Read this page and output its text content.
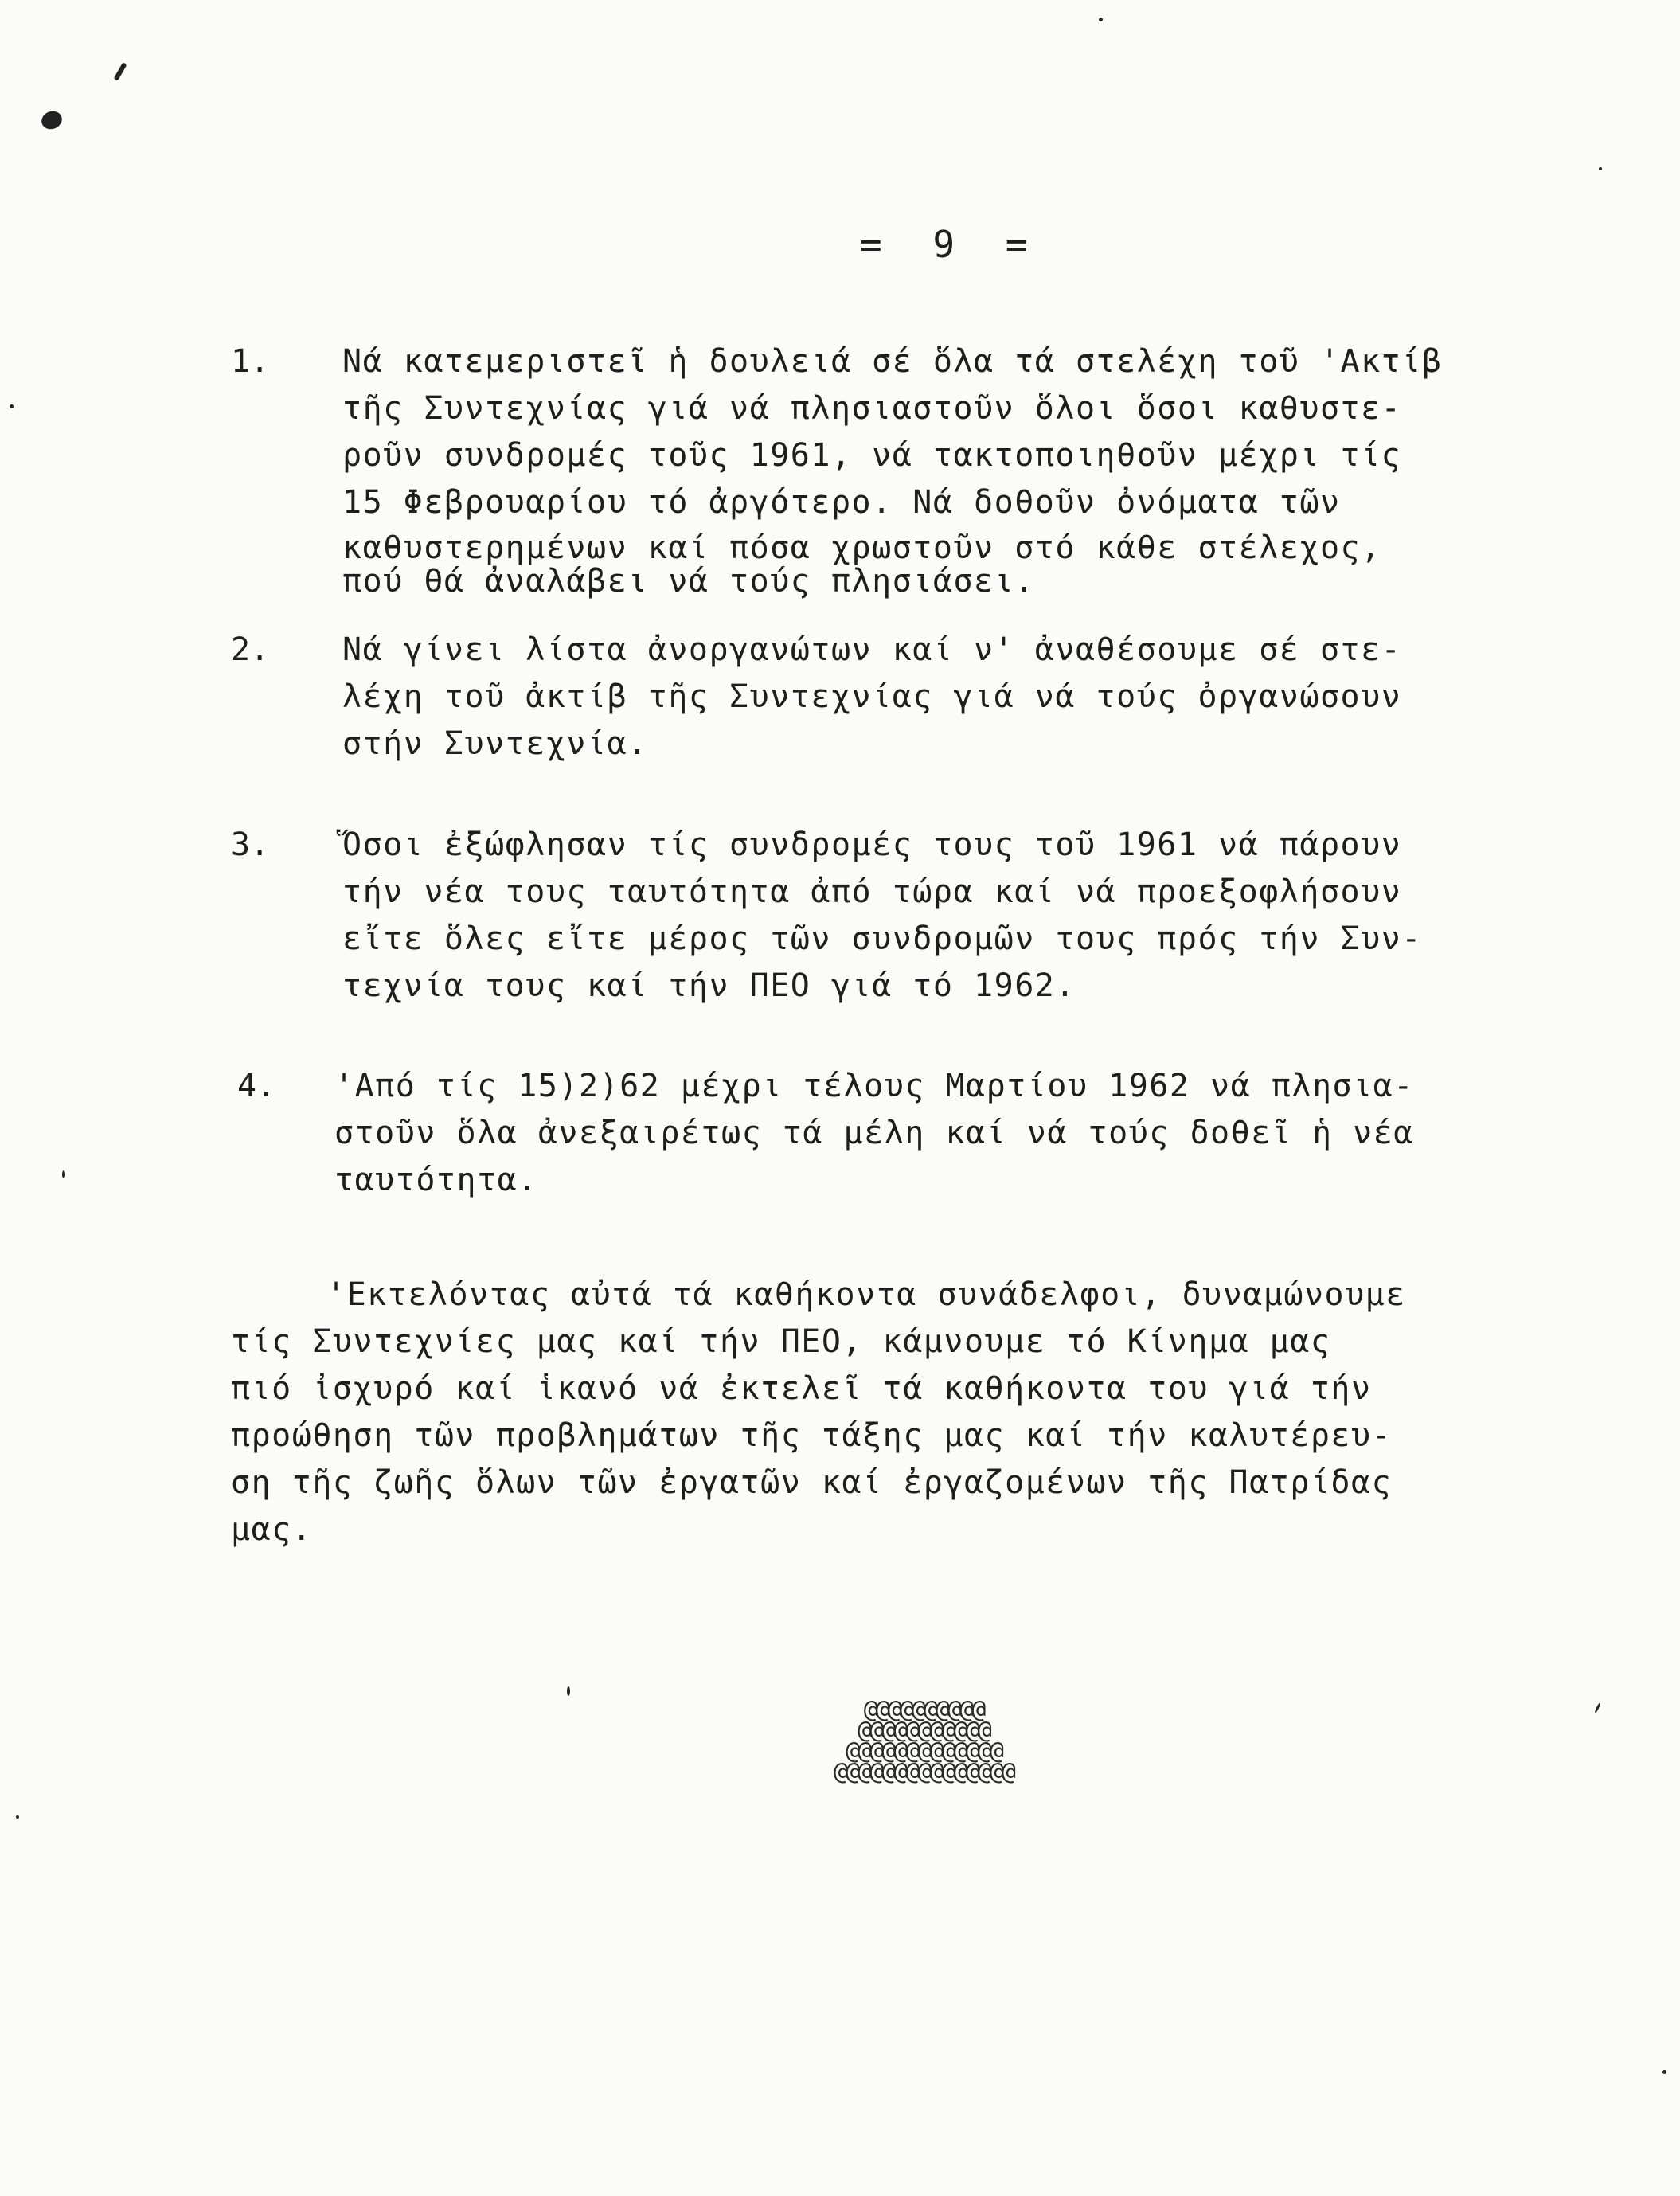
= 9 =
1. Νά κατεμεριστεῖ ἡ δουλειά σέ ὅλα τά στελέχη τοῦ 'Ακτίβ
τῆς Συντεχνίας γιά νά πλησιαστοῦν ὅλοι ὅσοι καθυστε-
ροῦν συνδρομές τοῦς 1961, νά τακτοποιηθοῦν μέχρι τίς
15 Φεβρουαρίου τό ἀργότερο. Νά δοθοῦν ὀνόματα τῶν
καθυστερημένων καί πόσα χρωστοῦν στό κάθε στέλεχος,
πού θά ἀναλάβει νά τούς πλησιάσει.
2. Νά γίνει λίστα ἀνοργανώτων καί ν' ἀναθέσουμε σέ στε-
λέχη τοῦ ἀκτίβ τῆς Συντεχνίας γιά νά τούς ὀργανώσουν
στήν Συντεχνία.
3. Ὅσοι ἐξώφλησαν τίς συνδρομές τους τοῦ 1961 νά πάρουν
τήν νέα τους ταυτότητα ἀπό τώρα καί νά προεξοφλήσουν
εἴτε ὅλες εἴτε μέρος τῶν συνδρομῶν τους πρός τήν Συν-
τεχνία τους καί τήν ΠΕΟ γιά τό 1962.
4. 'Από τίς 15)2)62 μέχρι τέλους Μαρτίου 1962 νά πλησια-
στοῦν ὅλα ἀνεξαιρέτως τά μέλη καί νά τούς δοθεῖ ἡ νέα
ταυτότητα.
'Εκτελόντας αὐτά τά καθήκοντα συνάδελφοι, δυναμώνουμε
τίς Συντεχνίες μας καί τήν ΠΕΟ, κάμνουμε τό Κίνημα μας
πιό ἰσχυρό καί ἱκανό νά ἐκτελεῖ τά καθήκοντα του γιά τήν
προώθηση τῶν προβλημάτων τῆς τάξης μας καί τήν καλυτέρευ-
ση τῆς ζωῆς ὅλων τῶν ἐργατῶν καί ἐργαζομένων τῆς Πατρίδας
μας.
@@@@@@@@@@
@@@@@@@@@@@
@@@@@@@@@@@@@
@@@@@@@@@@@@@@@
